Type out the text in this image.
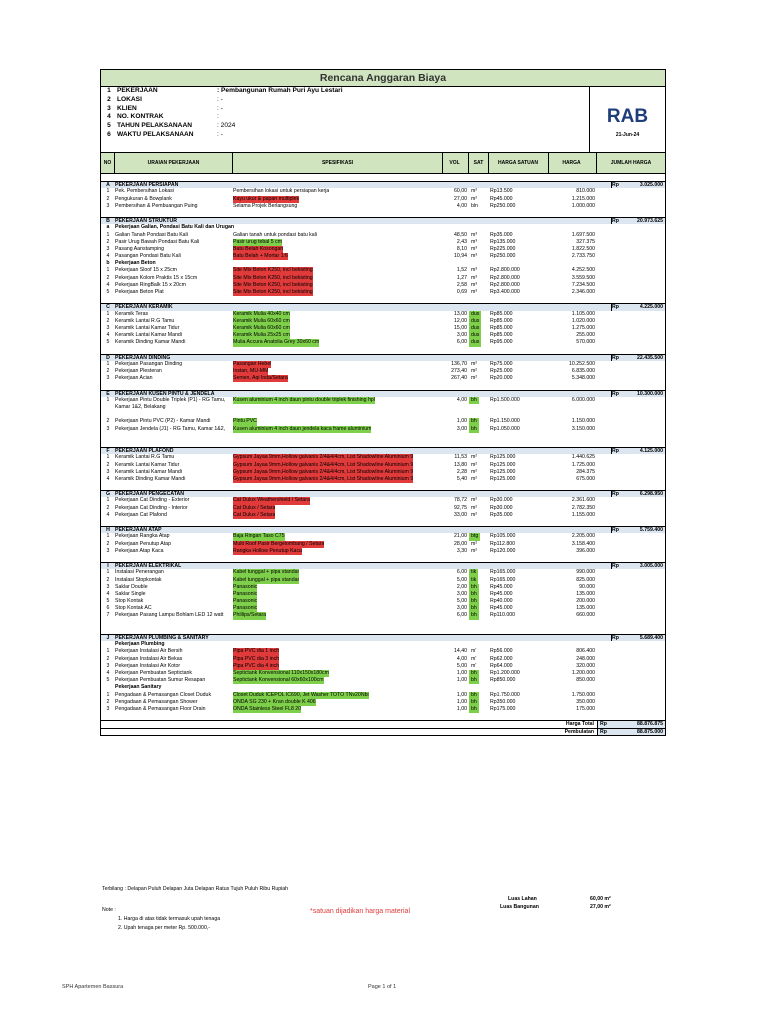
Rencana Anggaran Biaya
1 PEKERJAAN	: Pembangunan Rumah Puri Ayu Lestari
2 LOKASI	: -
3 KLIEN	: -
4 NO. KONTRAK	:
5 TAHUN PELAKSANAAN	: 2024
6 WAKTU PELAKSANAAN	: -
RAB
21-Jun-24
NO	URAIAN PEKERJAAN	SPESIFIKASI	VOL	SAT	HARGA SATUAN	HARGA	JUMLAH HARGA
A PEKERJAAN PERSIAPAN	Rp	3.025.000
1	Pek. Pembersihan Lokasi	Pembersihan lokasi untuk persiapan kerja	60,00 m²	Rp13.500	810.000
2	Pengukuran & Bowplank	Kayu ukur & papan multiplek	27,00 m²	Rp45.000	1.215.000
3	Pembersihan & Pembuangan Puing	Selama Projek Berlangsung	4,00 bln	Rp250.000	1.000.000
B PEKERJAAN STRUKTUR	Rp	20.973.625
a	Pekerjaan Galian, Pondasi Batu Kali dan Urugan
1	Galian Tanah Pondasi Batu Kali	Galian tanah untuk pondasi batu kali	48,50 m³	Rp35.000	1.697.500
2	Pasir Urug Bawah Pondasi Batu Kali	Pasir urug tebal 5 cm	2,43 m³	Rp135.000	327.375
3	Pasang Aanstamping	Batu Belah Kosongan	8,10 m³	Rp225.000	1.822.500
4	Pasangan Pondasi Batu Kali	Batu Belah + Mortar 1:6	10,94 m³	Rp250.000	2.733.750
b	Pekerjaan Beton
1	Pekerjaan Sloof 15 x 25cm	Site Mix Beton K250, incl bekisting	1,52 m³	Rp2.800.000	4.252.500
2	Pekerjaan Kolom Praktis 15 x 15cm	Site Mix Beton K250, incl bekisting	1,27 m³	Rp2.800.000	3.559.500
4	Pekerjaan RingBalk 15 x 20cm	Site Mix Beton K250, incl bekisting	2,58 m³	Rp2.800.000	7.234.500
5	Pekerjaan Beton Plat	Site Mix Beton K250, incl bekisting	0,69 m³	Rp3.400.000	2.346.000
C PEKERJAAN KERAMIK	Rp	4.225.000
1	Keramik Teras	Keramik Mulia 40x40 cm	13,00 dus	Rp85.000	1.105.000
2	Keramik Lantai R.G Tamu	Keramik Mulia 60x60 cm	12,00 dus	Rp85.000	1.020.000
3	Keramik Lantai Kamar Tidur	Keramik Mulia 60x60 cm	15,00 dus	Rp85.000	1.275.000
4	Keramik Lantai Kamar Mandi	Keramik Mulia 25x25 cm	3,00 dus	Rp85.000	255.000
5	Keramik Dinding Kamar Mandi	Mulia Accura Anatolia Grey 30x60 cm	6,00 dus	Rp95.000	570.000
D PEKERJAAN DINDING	Rp	22.435.500
1	Pekerjaan Pasangan Dinding	Pasangan Hebel	136,70 m²	Rp75.000	10.252.500
2	Pekerjaan Plesteran	Instan, MU-MM	273,40 m²	Rp25.000	6.835.000
3	Pekerjaan Acian	Semen, Aqi Inda/Setara	267,40 m²	Rp20.000	5.348.000
E	PEKERJAAN KUSEN PINTU & JENDELA	Rp	10.300.000
1	Pekerjaan Pintu Double Triplek (P1) - RG Tamu, Kamar 1&2, Belakang
Kusen aluminium 4 inch daun pintu double triplek finishing hpl	4,00 bh	Rp1.500.000	6.000.000
2	Pekerjaan Pintu PVC (P2) - Kamar Mandi	Pintu PVC	1,00 bh	Rp1.150.000	1.150.000
3	Pekerjaan Jendela (J1) - RG Tamu, Kamar 1&2,	Kusen aluminium 4 inch daun jendela kaca frame aluminium	3,00 bh	Rp1.050.000	3.150.000
F	PEKERJAAN PLAFOND	Rp	4.125.000
1	Keramik Lantai R.G Tamu	Gypsum Jayaa 9mm,Hollow galvanis 2/4&4/4cm, List Shadowline Aluminium 9	11,53 m²	Rp125.000	1.440.625
2	Keramik Lantai Kamar Tidur	Gypsum Jayaa 9mm,Hollow galvanis 2/4&4/4cm, List Shadowline Aluminium 9	13,80 m²	Rp125.000	1.725.000
3	Keramik Lantai Kamar Mandi	Gypsum Jayaa 9mm,Hollow galvanis 2/4&4/4cm, List Shadowline Aluminium 9	2,28 m²	Rp125.000	284.375
4	Keramik Dinding Kamar Mandi	Gypsum Jayaa 9mm,Hollow galvanis 2/4&4/4cm, List Shadowline Aluminium 9	5,40 m²	Rp125.000	675.000
G PEKERJAAN PENGECATAN	Rp	6.298.950
1	Pekerjaan Cat Dinding - Exterior	Cat Dulux Weathershield / Setara	78,72 m²	Rp30.000	2.361.600
2	Pekerjaan Cat Dinding - Interior	Cat Dulux / Setara	92,75 m²	Rp30.000	2.782.350
4	Pekerjaan Cat Plafond	Cat Dulux / Setara	33,00 m²	Rp35.000	1.155.000
H PEKERJAAN ATAP	Rp	5.759.400
1	Pekerjaan Rangka Atap	Baja Ringan Taso C75	21,00 btg	Rp105.000	2.205.000
2	Pekerjaan Penutup Atap	Multi Roof Pasir Bergelombang / Setara	28,00 m²	Rp112.800	3.158.400
3	Pekerjaan Atap Kaca	Rangka Hollow Penutup Kaca	3,30 m²	Rp120.000	396.000
I	PEKERJAAN ELEKTRIKAL	Rp	3.005.000
1	Instalasi Penerangan	Kabel tunggal + pipa standar	6,00 tik	Rp165.000	990.000
2	Instalasi Stopkontak	Kabel tunggal + pipa standar	5,00 tik	Rp165.000	825.000
3	Saklar Double	Panasonic	2,00 bh	Rp45.000	90.000
4	Saklar Single	Panasonic	3,00 bh	Rp45.000	135.000
5	Stop Kontak	Panasonic	5,00 bh	Rp40.000	200.000
6	Stop Kontak AC	Panasonic	3,00 bh	Rp45.000	135.000
7	Pekerjaan Pasang Lampu Bohlam LED 12 watt	Phillips/Setara	6,00 bh	Rp110.000	660.000
J	PEKERJAAN PLUMBING & SANITARY	Rp	5.689.400
Pekerjaan Plumbing
1	Pekerjaan Instalasi Air Bersih	Pipa PVC dia 1 inch	14,40 m'	Rp56.000	806.400
2	Pekerjaan Instalasi Air Bekas	Pipa PVC dia 3 inch	4,00 m'	Rp62.000	248.000
3	Pekerjaan Instalasi Air Kotor	Pipa PVC dia 4 inch	5,00 m'	Rp64.000	320.000
4	Pekerjaan Pembuatan Septictank	Septictank Konvensional 110x150x180cm	1,00 bh	Rp1.200.000	1.200.000
5	Pekerjaan Pembuatan Sumur Resapan	Septictank Konvensional 60x60x100cm	1,00 bh	Rp850.000	850.000
Pekerjaan Sanitary
1	Pengadaan & Pemasangan Closet Duduk	Closet Duduk ICEPOL IC690, Jet Washer TOTO TNv20Nbi	1,00 bh	Rp1.750.000	1.750.000
2	Pengadaan & Pemasangan Shower	ONDA SG 230 + Kran double K 406	1,00 bh	Rp350.000	350.000
3	Pengadaan & Pemasangan Floor Drain	ONDA Stainless Steel FL8 20	1,00 bh	Rp175.000	175.000
Harga Total	Rp	88.876.875
Pembulatan	Rp	88.875.000
Terbilang : Delapan Puluh Delapan Juta Delapan Ratus Tujuh Puluh Ribu Rupiah
Luas Lahan	60,00 m²
Luas Bangunan	27,00 m²
*satuan dijadikan harga material
Note :
1. Harga di atas tidak termasuk upah tenaga
2. Upah tenaga per meter Rp. 500.000,-
SPH Apartemen Bassura	Page 1 of 1
